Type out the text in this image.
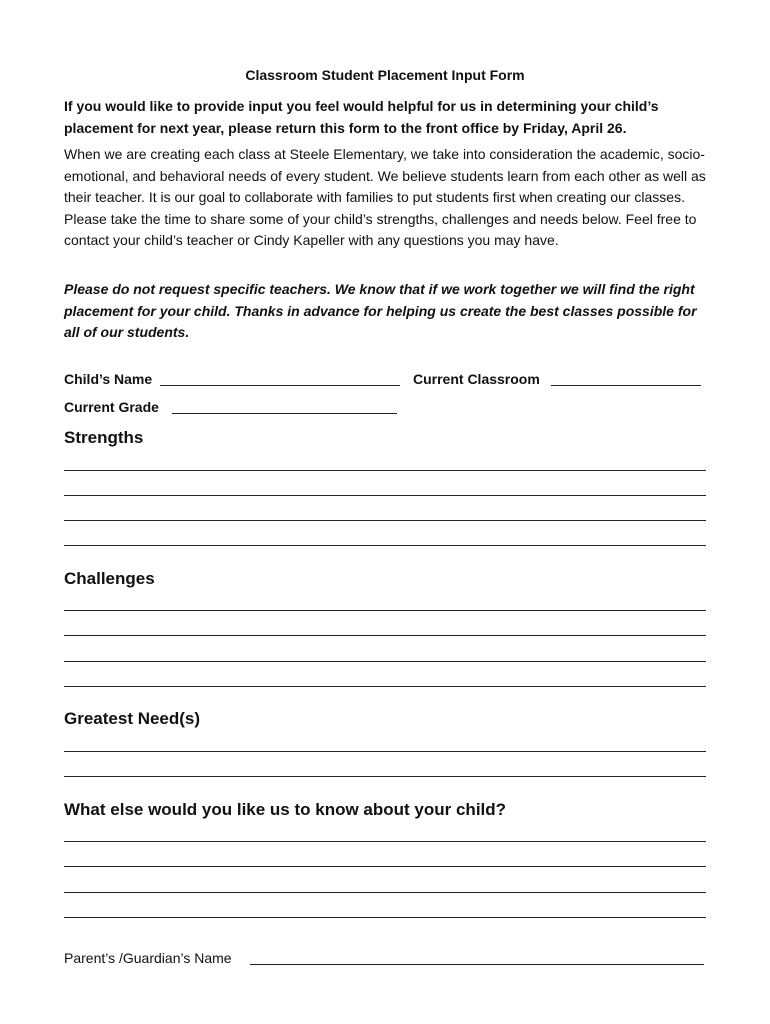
Classroom Student Placement Input Form
If you would like to provide input you feel would helpful for us in determining your child’s placement for next year, please return this form to the front office by Friday, April 26.
When we are creating each class at Steele Elementary, we take into consideration the academic, socio-emotional, and behavioral needs of every student. We believe students learn from each other as well as their teacher. It is our goal to collaborate with families to put students first when creating our classes. Please take the time to share some of your child’s strengths, challenges and needs below. Feel free to contact your child’s teacher or Cindy Kapeller with any questions you may have.
Please do not request specific teachers. We know that if we work together we will find the right placement for your child. Thanks in advance for helping us create the best classes possible for all of our students.
Child’s Name	Current Classroom
Current Grade
Strengths
Challenges
Greatest Need(s)
What else would you like us to know about your child?
Parent’s /Guardian’s Name
